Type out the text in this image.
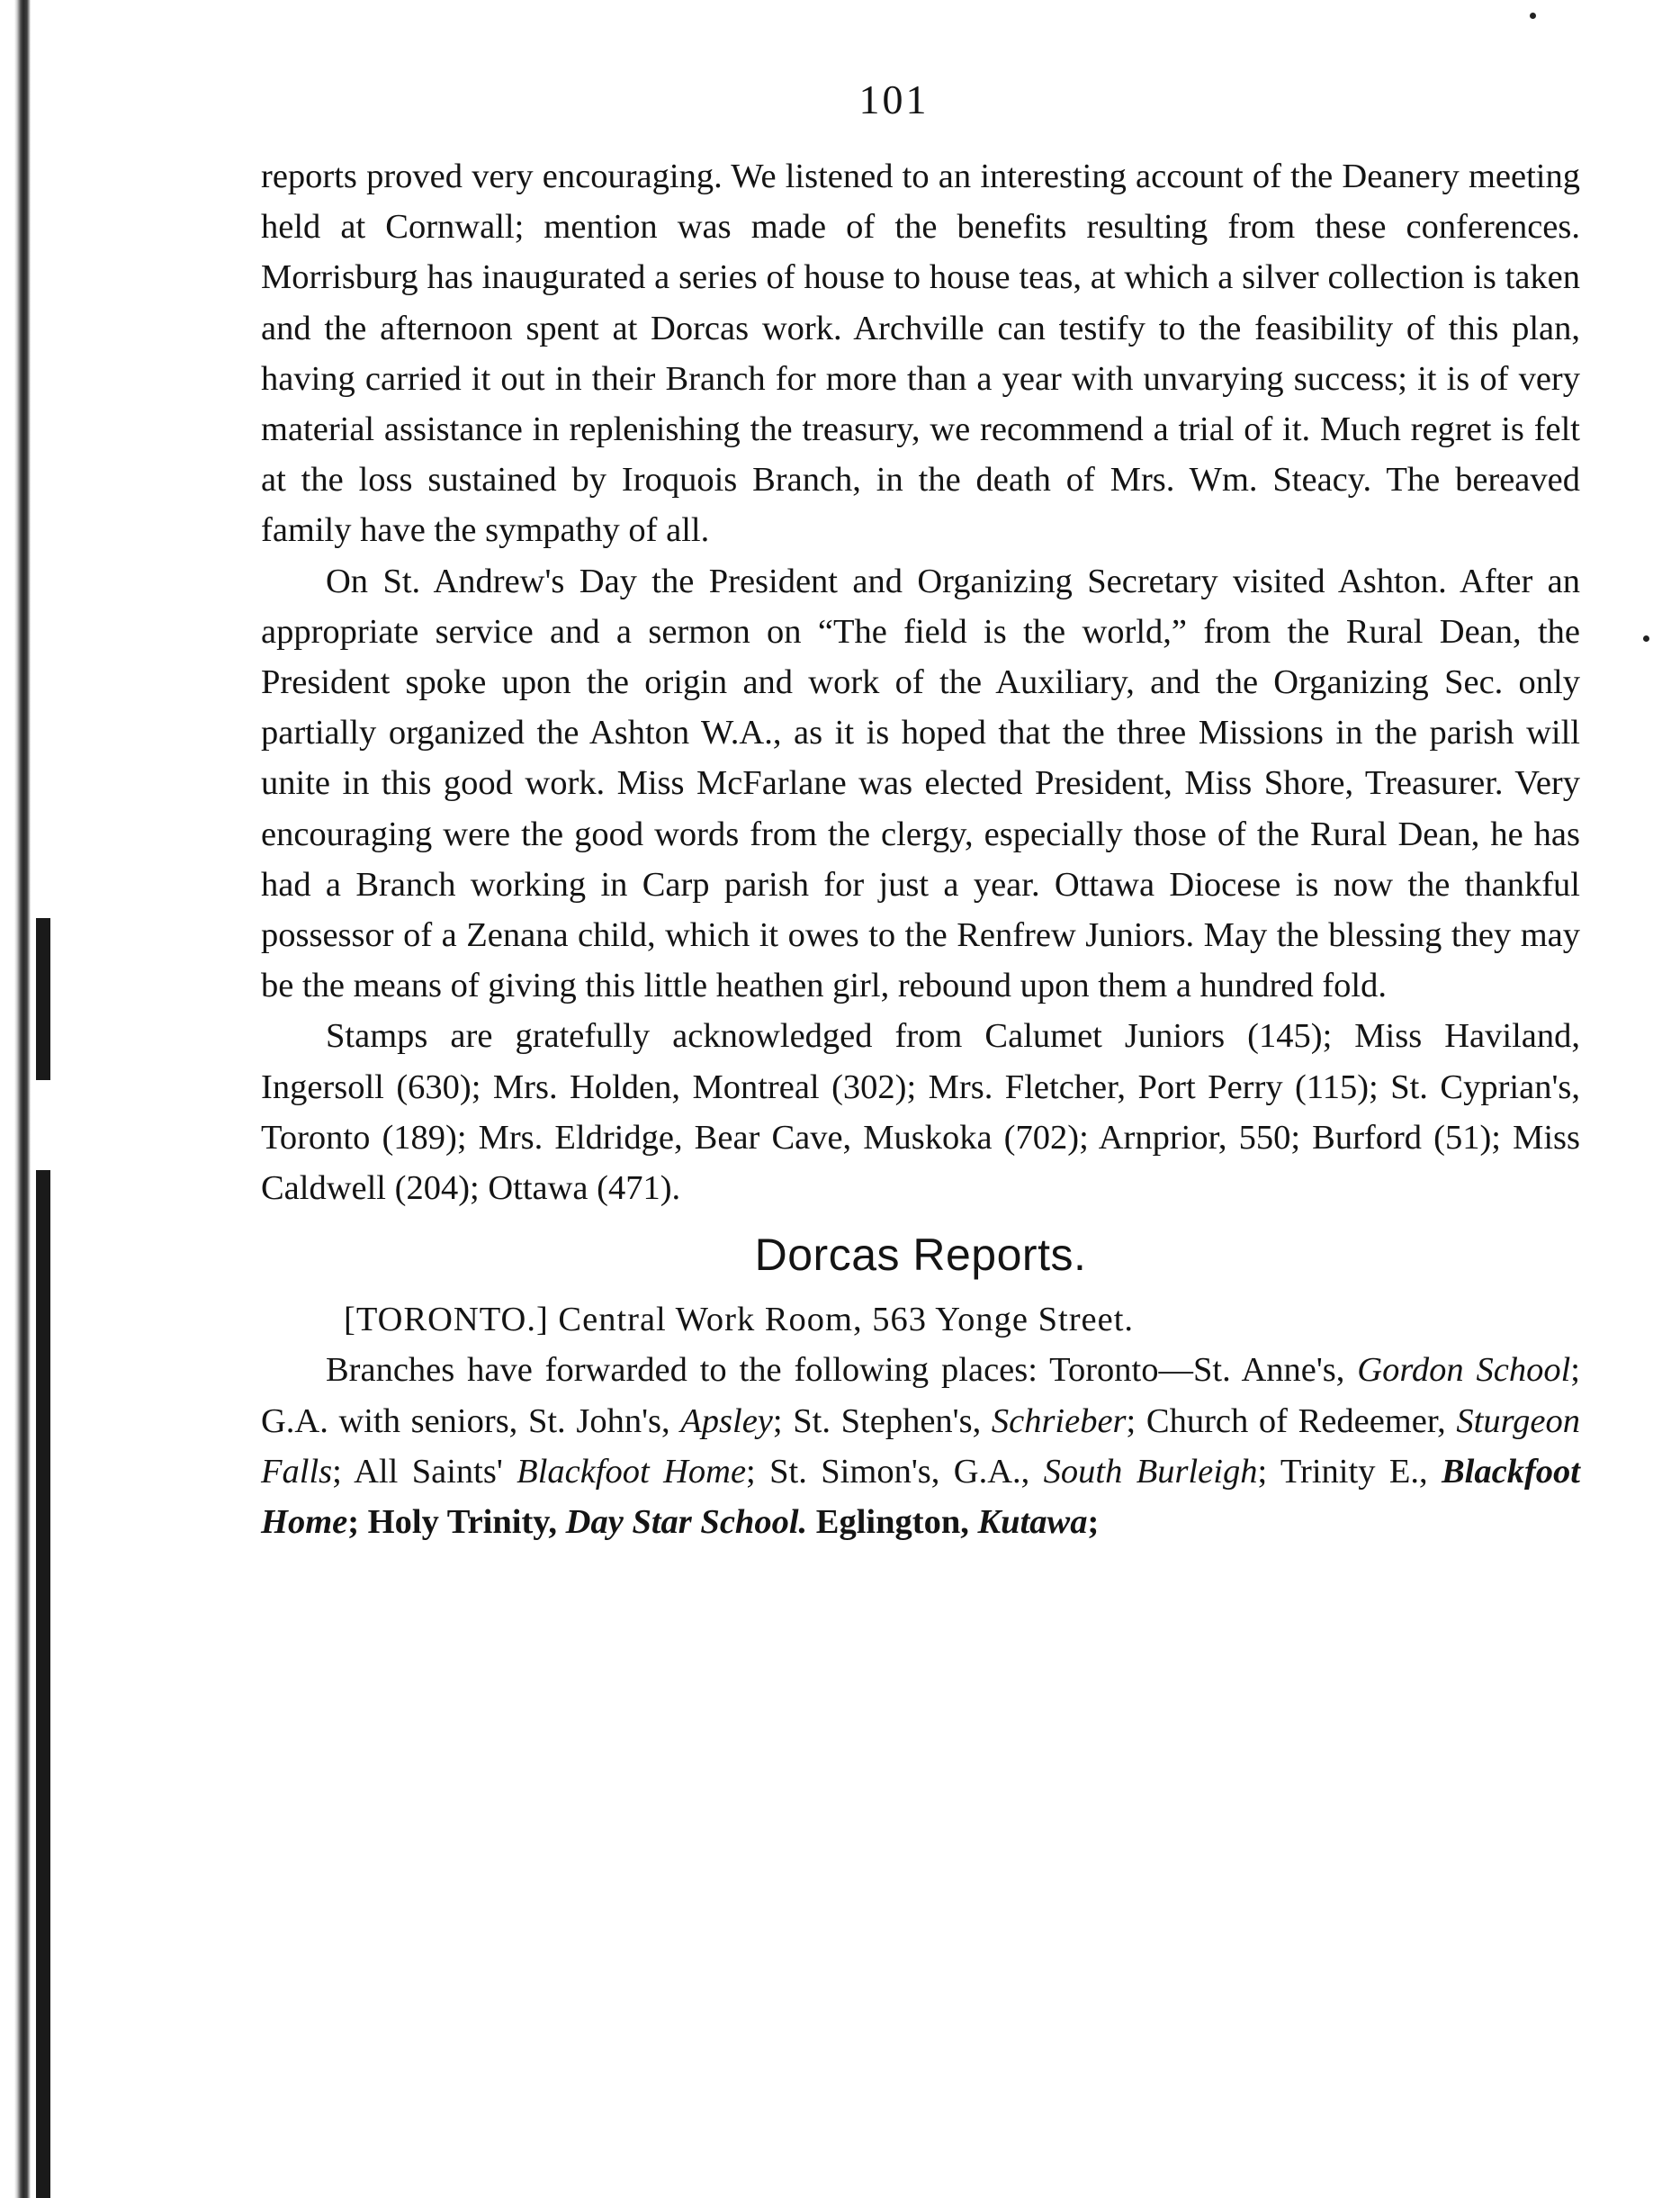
101

reports proved very encouraging. We listened to an interesting account of the Deanery meeting held at Cornwall; mention was made of the benefits resulting from these conferences. Morrisburg has inaugurated a series of house to house teas, at which a silver collection is taken and the afternoon spent at Dorcas work. Archville can testify to the feasibility of this plan, having carried it out in their Branch for more than a year with unvarying success; it is of very material assistance in replenishing the treasury, we recommend a trial of it. Much regret is felt at the loss sustained by Iroquois Branch, in the death of Mrs. Wm. Steacy. The bereaved family have the sympathy of all.

On St. Andrew's Day the President and Organizing Secretary visited Ashton. After an appropriate service and a sermon on “The field is the world,” from the Rural Dean, the President spoke upon the origin and work of the Auxiliary, and the Organizing Sec. only partially organized the Ashton W.A., as it is hoped that the three Missions in the parish will unite in this good work. Miss McFarlane was elected President, Miss Shore, Treasurer. Very encouraging were the good words from the clergy, especially those of the Rural Dean, he has had a Branch working in Carp parish for just a year. Ottawa Diocese is now the thankful possessor of a Zenana child, which it owes to the Renfrew Juniors. May the blessing they may be the means of giving this little heathen girl, rebound upon them a hundred fold.

Stamps are gratefully acknowledged from Calumet Juniors (145); Miss Haviland, Ingersoll (630); Mrs. Holden, Montreal (302); Mrs. Fletcher, Port Perry (115); St. Cyprian's, Toronto (189); Mrs. Eldridge, Bear Cave, Muskoka (702); Arnprior, 550; Burford (51); Miss Caldwell (204); Ottawa (471).

Dorcas Reports.

[TORONTO.] Central Work Room, 563 Yonge Street.

Branches have forwarded to the following places: Toronto—St. Anne's, Gordon School; G.A. with seniors, St. John's, Apsley; St. Stephen's, Schrieber; Church of Redeemer, Sturgeon Falls; All Saints' Blackfoot Home; St. Simon's, G.A., South Burleigh; Trinity E., Blackfoot Home; Holy Trinity, Day Star School. Eglington, Kutawa;
